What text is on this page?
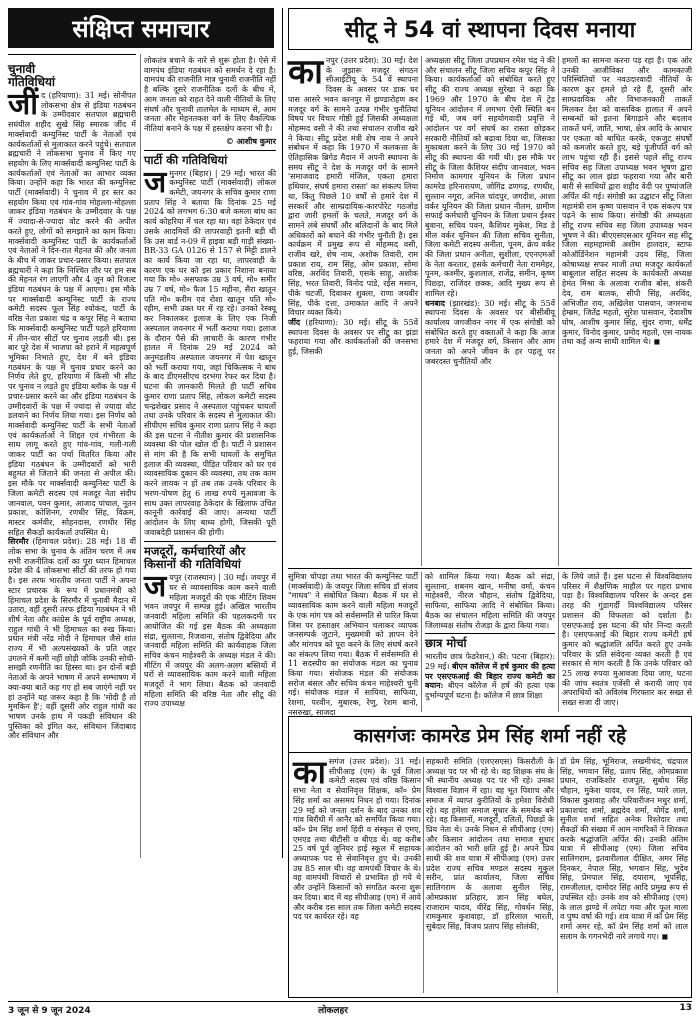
संक्षिप्त समाचार
चुनावी गतिविधियां
जीं द (हरियाणा): 31 मई। सोनीपत लोकसभा क्षेत्र से इंडिया गठबंधन के उम्मीदवार सतपाल ब्रह्मचारी सघंयील शहीद सुखे सिंह स्मारक जींद में मार्क्सवादी कम्युनिस्ट पार्टी के नेताओं एवं कार्यकर्ताओं से मुलाकात करने पहुंचे। सतपाल ब्रह्मचारी ने लोकसभा चुनाव में किए गए सहयोग के लिए मार्क्सवादी कम्युनिस्ट पार्टी के कार्यकर्ताओं एवं नेताओं का आभार व्यक्त किया। उन्होंने कहा कि भारत की कम्युनिस्ट पार्टी (मार्क्सवादी) ने चुनाव में हर स्तर का सहयोग किया एवं गांव-गांव मोहल्ला-मोहल्ला जाकर इंडिया गठबंधन के उम्मीदवार के पक्ष में ज्यादा-से-ज्यादा वोट करने की अपील करते हुए, लोगों को समझाने का काम किया। मार्क्सवादी कम्युनिस्ट पार्टी के कार्यकर्ताओं एवं नेताओं ने दिन-रात मेहनत की और जनता के बीच में जाकर प्रचार-प्रसार किया। सतपाल ब्रह्मचारी ने कहा कि निश्चित तौर पर हम सब की मेहनत रंग लाएगी और 4 जून को रिजल्ट इंडिया गठबंधन के पक्ष में आएगा। इस मौके पर मार्क्सवादी कम्युनिस्ट पार्टी के राज्य कमेटी सदस्य फूल सिंह श्योकंद, पार्टी के वरिष्ठ नेता प्रकाश चंद्र व कपूर सिंह ने बताया कि मार्क्सवादी कम्युनिस्ट पार्टी पहले हरियाणा में तीन-चार सीटों पर चुनाव लड़ती थी। इस बार पूरे देश में भाजपा को हराने में महत्वपूर्ण भूमिका निभाते हुए, देश में बने इंडिया गठबंधन के पक्ष में चुनाव प्रचार करने का निर्णय लेते हुए, हरियाणा में किसी भी सीट पर चुनाव न लड़ते हुए इंडिया ब्लॉक के पक्ष में प्रचार-प्रसार करने का और इंडिया गठबंधन के उम्मीदवारों के पक्ष में ज्यादा से ज्यादा वोट डलवाने का निर्णय लिया गया। इस निर्णय को मार्क्सवादी कम्युनिस्ट पार्टी के सभी नेताओं एवं कार्यकर्ताओं ने शिद्दत एवं गंभीरता के साथ लागू करते हुए गांव-गांव, गली-गली जाकर पार्टी का पर्चा वितरित किया और इंडिया गठबंधन के उम्मीदवारों को भारी बहुमत से जिताने की जनता से अपील की। इस मौके पर मार्क्सवादी कम्युनिस्ट पार्टी के जिला कमेटी सदस्य एवं मजदूर नेता संदीप जानवाल, पवन कुमार, आजाद पांचाल, नूतन प्रकाश, कोशिनग, रणधीर सिंह, विक्रम, मास्टर कर्मवीर, सोहनदास, रणधीर सिंह सहित सैकड़ों कार्यकर्ता उपस्थित थे।
सिरमौर (हिमाचल प्रदेश): 28 मई। 18 वीं लोक सभा के चुनाव के अंतिम चरण में अब सभी राजनीतिक दलों का पूरा ध्यान हिमाचल प्रदेश की 4 लोकसभा सीटों की तरफ हो गया है। इस तरफ भारतीय जनता पार्टी ने अपना स्टार प्रचारक के रूप में प्रधानमंत्री को हिमाचल प्रदेश के सिरमौर में चुनावी मैदान में उतारा, वहीं दूसरी तरफ इंडिया गठबंधन ने भी शीर्ष नेता और कांग्रेस के पूर्व राष्ट्रीय अध्यक्ष, राहुल गांधी ने भी हिमाचल का रुख किया। प्रधान मंत्री नरेंद्र मोदी ने हिमाचल जैसे शांत राज्य में भी अल्पसंख्यकों के प्रति जहर उगलने में कमी नहीं छोड़ी जोकि उनकी सोची-समझी रणनीति का हिस्सा था। इन दोनों बड़ी नेताओं के अपने भाषण में अपने सम्भाषण में क्या-क्या बातें कह गए हो सब जाएंगे नहीं पर हां उन्होंने यह जरूर कहा है कि 'मोदी है तो मुमकिन है'; वहीं दूसरी ओर राहुल गांधी का भाषण उनके हाथ में पकड़ी संविधान की पुस्तिका को इंगित कर, संविधान जिंदाबाद और संविधान और
लोकतंत्र बचाने के नारे से शुरू होता है। ऐसे में वामपंथ इंडिया गठबंधन को समर्थन दे रहा है। वामपंथ की राजनीति मात्र चुनावी राजनीति नहीं है बल्कि दूसरे राजनीतिक दलों के बीच में, आम जनता को राहत देने वाली नीतियों के लिए संघर्ष और चुनावी तालमेल के माध्यम से, आम जनता और मेहनतकश वर्ग के लिए वैकल्पिक नीतियां बनाने के पक्ष में हस्तक्षेप करना भी है।
© आशीष कुमार
पार्टी की गतिविधियां
ज मुनगर (बिहार) | 29 मई। भारत की कम्युनिस्ट पार्टी (मार्क्सवादी) लोकल कमेटी, जयनगर के सचिव कुमार राणा प्रताप सिंह ने बताया कि दिनांक 25 मई 2024 को लगभग 6:30 बजे कमला बांध का कार्य कोहरिया में चल रहा था। वहां ठेकेदार एवं उसके आदमियों की लापरवाही इतनी बड़ी थी कि उस वार्ड न-09 में हाइवा बड़ी गाड़ी संख्या-BR-33 GA 0126 से 157 से मिट्टी डालने का कार्य किया जा रहा था, लापरवाही के कारण एक घर को इस प्रकार निशाना बनाया गया कि मो० असफाक उम्र 3 वर्ष, मो० समीर उम्र 7 वर्ष, मो० फैज 15 महीना, सैरा खातून पति मो० करीम एवं रोशा खातून पति मो० रहीम, सभी उक्त घर में रह रहे। उनको रेस्क्यू कर निकालकर इलाज के लिए एक निजी अस्पताल जयनगर में भर्ती कराया गया। इलाज के दौरान पैसे की लाचारी के कारण गंभीर हालत में दिनांक 29 मई 2024 को अनुमंडलीय अस्पताल जयनगर में पेश खातून को भर्ती कराया गया, जहां चिकित्सक ने बांध के बाद डीएमसीएच दरभंगा रेफर कर दिया है। घटना की जानकारी मिलते ही पार्टी सचिव कुमार राणा प्रताप सिंह, लोकल कमेटी सदस्य चन्द्रशेखर प्रसाद ने अस्पताल पहुंचकर घायलों तथा उनके परिवार के सदस्य से मुलाकात की। सीपीएम सचिव कुमार राणा प्रताप सिंह ने कहा की इस घटना ने नीतीश कुमार की प्रशासनिक व्यवस्था की पोल खोल दी है। पार्टी ने प्रशासन से मांग की है कि सभी घायलों के समुचित इलाज की व्यवस्था, पीड़ित परिवार को घर एवं व्यावसायिक दुकान की व्यवस्था, तथ तक काम करने लायक न हों तब तक उनके परिवार के भरण-पोषण हेतु 6 लाख रुपये मुआवजा के साथ उक्त लापरवाह ठेकेदार के खिलाफ उचित कानूनी कार्रवाई की जाए। अन्यथा पार्टी आंदोलन के लिए बाध्य होगी, जिसकी पूरी जवाबदेही प्रशासन की होगी।
मजदूरों, कर्मचारियों और किसानों की गतिविधियां
ज यपुर (राजस्थान) | 30 मई। जयपुर में घर से व्यावसायिक काम करने वाली महिला मजदूरों की एक मीटिंग शिवम भवन जयपुर में सम्पन्न हुई। अखिल भारतीय जनवादी महिला समिति की पहलकदमी पर आयोजित की गई इस बैठक की अध्यक्षता संद्रा, सुल्ताना, रिजवाना, संतोष द्विवेदिया और जनवादी महिला समिति की कार्यवाहक जिला सचिव कंचन माहेश्वरी के अध्यक्ष मंडल ने की। मीटिंग में जयपुर की अलग-अलग बस्तियों में घरों से व्यावसायिक काम करने वाली महिला मजदूरों ने भाग लिया। बैठक को जनवादी महिला समिति की वरिष्ठ नेता और सीटू की राज्य उपाध्यक्ष
सीटू ने 54 वां स्थापना दिवस मनाया
का नपुर (उत्तर प्रदेश): 30 मई। देश के जुझारू मजदूर संगठन सीआईटीयू के 54 वें स्थापना दिवस के अवसर पर डाक घर पास आसरे भवन कानपुर में झण्डारोहण कर मजदूर वर्ग के सामने उत्पन्न गंभीर चुनौतियां विषय पर विचार गोष्ठी हुई जिसकी अध्यक्षता मोहम्मद वसी ने की तथा संचालन राजीव खरे ने किया। सीटू प्रदेश मंत्री शेष नाथ ने अपने संबोधन में कहा कि 1970 में कलकत्ता के ऐतिहासिक ब्रिगेड मैदान में अपनी स्थापना के समय सीटू ने देश के मजदूर वर्ग के सामने 'समाजवाद हमारी मंजिल, एकता हमारा हथियार, संघर्ष हमारा रास्ता' का संकल्प लिया था, किंतु पिछले 10 वर्षों से हमारे देश में सरकारें और साम्प्रदायिक-कारपोरेट गठजोड़ द्वारा जारी हमलों के चलते, मजदूर वर्ग के सामने लंबे संघर्षों और बलिदानों के बाद मिले अधिकारों को बचाने की गंभीर चुनौती है। इस कार्यक्रम में प्रमुख रूप से मोहम्मद वसी, राजीव खरे, शेष नाथ, अशोक तिवारी, राम प्रकाश राय, राम सिंह, ओम प्रकाश, सोमा वरिष्ठ, अरविंद तिवारी, एसके साहू, अशोक सिंह, भरत तिवारी, विनोद पांडे, रईस मसान, पीके चटर्जी, दिवाकर शुक्ला, राणा जयवीर सिंह, पीके दत्ता, उमाकांत आदि ने अपने विचार व्यक्त किये।
जींद (हरियाणा): 30 मई। सीटू के 55वें स्थापना दिवस के अवसर पर सीटू का झंडा फहराया गया और कार्यकर्ताओं की जनसभा हुई, जिसकी
अध्यक्षता सीटू जिला उपप्रधान रमेश चंद्र ने की और संचालन सीटू जिला सचिव कपूर सिंह ने किया। कार्यकर्ताओं को संबोधित करते हुए सीटू की राज्य अध्यक्ष सुरेखा ने कहा कि 1969 और 1970 के बीच देश में ट्रेड यूनियन आंदोलन में लगभग ऐसी स्थिति बन गई थी, जब वर्ग सहयोगवादी प्रवृत्ति ने आंदोलन पर वर्ग संघर्ष का रास्ता छोड़कर सरकारी नीतियों को बढ़ावा दिया था, जिसका मुकाबला करने के लिए 30 मई 1970 को सीटू की स्थापना की गयी थी। इस मौके पर सीटू के जिला कैशियर संदीप जानवाल, भवन निर्माण कामगार यूनियन के जिला प्रधान कामरेड हरिनारायण, जोगिंद्र ढणगढ़, रणधीर, सुल्तान नगूरा, अनिल चांदपुर, जगदीश, आशा वर्कर यूनियन की जिला प्रधान नीलम, ग्रामीण सफाई कर्मचारी यूनियन के जिला प्रधान ईश्वर बुवाना, सचिव पवन, कैशियर मुकेश, मिड डे मील वर्कर यूनियन की जिला सचिव सुनीता, जिला कमेटी सदस्य अनीता, पूनम, क्रेच वर्कर की जिला प्रधान अनीता, सुशीला, एएनएमओं के नेता करतार, हसके कर्मचारी नेता राममेहर, पूनम, कश्मीर, कुशलाल, राजेंद्र, समीन, कृष्ण पिछ्ड़ा, राजिंदर छक्क, आदि मुख्य रूप से शामिल रहे।
धनबाद (झारखंड): 30 मई। सीटू के 55वें स्थापना दिवस के अवसर पर बीसीबीयू कार्यालय जगजीवन नगर में एक संगोष्ठी को संबोधित करते हुए वक्ताओं ने कहा कि आज हमारे देश में मजदूर वर्ग, किसान और आम जनता को अपने जीवन के हर पहलू पर जबरदस्त चुनौतियों और
हमलों का सामना करना पड़ रहा है। एक ओर उनकी आजीविका और कामकाजी परिस्थितियों पर नवउदारवादी नीतियों के कारण क्रूर हमले हो रहे हैं, दूसरी ओर साम्प्रदायिक और विभाजनकारी ताकतें मिलकर देश को वास्तविक हालात में अपने सम्बन्धों को इतना बिगाड़ाने और बदलाव ताकतें धर्म, जाति, भाषा, क्षेत्र आदि के आधार पर एकता को बाधित करके, एकजुट संघर्षों को कमजोर करते हुए, बड़े पूंजीपति वर्ग को लाभ पहुंचा रही हैं। इससे पहले सीटू राज्य सचिव सह जिला उपाध्यक्ष भवन भूषण द्वारा सीटू का लाल झंडा फहराया गया और बारी बारी से साथियों द्वारा शहीद वेदी पर पुष्पांजलि अर्पित की गई। संगोष्ठी का उद्घाटन सीटू जिला महामंत्री राम कृष्ण पासवान ने एक संकल्प पत्र पढ़ने के साथ किया। संगोष्ठी की अध्यक्षता सीटू राज्य सचिव सह जिला उपाध्यक्ष भवन भूषण ने की। बीएएसएसआर यूनियन सह सीटू जिला सहमहामंत्री अशीम हालदार, स्टाफ कोऑर्डिनेशन महामंत्री उदय सिंह, जिला कोषाध्यक्ष सफर माजी तथा मजदूर कार्यकर्ता बाबूलाल सहित सदस्य के कार्यकारी अध्यक्ष हेमंत मिश्रा के अलावा राजीव बोस, शंकरी देव, राम बालक, सीपी सिंह, अरविंद, अभिजीत राय, अखिलेश पासवान, जगरनाथ हेम्ब्रम, जितेंद्र महतो, सुरेश पासवान, देवाशीष घोष, आशीष कुमार सिंह, सुंदर राणा, धर्मेंद्र कुमार, विनोद कुमार, प्रमोद महतो, एस नायक तथा कई अन्य साथी शामिल थे। ◼
सुमित्रा चोपड़ा तथा भारत की कम्युनिस्ट पार्टी (मार्क्सवादी) के जयपुर जिला सचिव डॉ संजय "माधव" ने संबोधित किया। बैठक में घर से व्यावसायिक काम करने वाली महिला मजदूरों के एक मांग पत्र को सर्वसम्मति से पारित किया जिस पर हस्ताक्षर अभियान चलाकर व्यापक जनसम्पर्क जुटाने, मुख्यमंत्री को ज्ञापन देने और मांगपत्र को पूरा करने के लिए संघर्ष करने का संकल्प लिया गया। बैठक में सर्वसम्मति से 11 सदस्यीय का संयोजक मंडल का चुनाव किया गया। संयोजक मंडल की संयोजक सरोज बंसल और सचिव कंचन माहेश्वरी चुनी गई। संयोजक मंडल में सायिया, साफिया, रेशमा, परवीन, मुबारक, रेणु, रेशम बानो, नसरुखा, साजदा
को शामिल किया गया। बैठक को संद्रा, सुल्ताना, शबनम खान, मनीषा वर्मा, कंचन माहेश्वरी, नीरज चौहान, संतोष द्विवेदिया, साफिया, साफिया आदि ने संबोधित किया। बैठक का संचालन महिला समिति की जयपुर जिलाध्यक्ष संतोष रोजड़ा के द्वारा किया गया।
छात्र मोर्चा
भारतीय छात्र फेडरेशन,) की: पटना (बिहार): 29 मई। बीएन कॉलेज में हर्ष कुमार की हत्या पर एसएफआई की बिहार राज्य कमेटी का बयान: बीएन कॉलेज में हर्ष की हत्या एक दुर्भाग्यपूर्ण घटना है। कॉलेज में छात्र शिक्षा
के लिये जाते हैं। इस घटना से विश्वविद्यालय परिसर में शैक्षणिक माहौल पर गहरा प्रभाव पड़ा है। विश्वविद्यालय परिसर के अन्दर इस तरह की गुंडागर्दी विश्वविद्यालय परिसर प्रशासन की विफलता को दर्शाता है। एसएफआई इस घटना की घोर निन्दा करती है। एसएफआई की बिहार राज्य कमेटी हर्ष कुमार को श्रद्धांजलि अर्पित करते हुए उनके परिवार के प्रति संवेदना व्यक्त करती है एवं सरकार से मांग करती है कि उनके परिवार को 25 लाख रुपया मुआवजा दिया जाए, घटना की जांच स्वतंत्र एजेंसी से करायी जाए एवं अपराधियों को अविलंब गिरफ्तार कर सख्त से सख्त सजा दी जाए।
कासगंजः कामरेड प्रेम सिंह शर्मा नहीं रहे
का सगंज (उत्तर प्रदेश): 31 मई। सीपीआइ (एम) के पूर्व जिला कमेटी सदस्य एवं वरिष्ठ किसान सभा नेता व सेवानिवृत्त शिक्षक, कॉ० प्रेम सिंह शर्मा का असमय निधन हो गया। दिनांक 29 मई को जनता दर्शन के बाद उनका शव गांव बिरौंधी में आनैर को समर्पित किया गया। कॉ० प्रेम सिंह शर्मा हिंदी व संस्कृत से एमए, एमएड तथा बीटीसी व बीएड थे। वह करीब 25 वर्ष पूर्व जूनियर हाई स्कूल में सहायक अध्यापक पद से सेवानिवृत्त हुए थे। उनकी उम्र 85 साल थी। वह वामपंथी विचार के थे। वह वामपंथी विचारों से प्रभावित हो गये थे और उन्होंने किसानों को संगठित करना शुरू कर दिया। बाद में वह सीपीआइ (एम) में आये और करीब दस साल तक जिला कमेटी सदस्य पद पर कार्यरत रहे। वह
सहकारी समिति (एलएसएस) किसरौली के अध्यक्ष पद पर भी रहे थे। वह शिक्षक संघ के भी स्थानीय अध्यक्ष पद पर भी रहे। उनका विश्वास विज्ञान में रहा। वह भूत पिशाच और समाज में व्याप्त कुरीतियों के हमेशा विरोधी रहे। वह हमेशा समाज सुधार के समर्थक बने रहे। वह किसानों, मजदूरों, दलितों, पिछड़ों के प्रिय नेता थे। उनके निधन से सीपीआइ (एम) और किसान आंदोलन तथा समाज सुधार आंदोलन को भारी क्षति हुई है। अपने प्रिय साथी की शव यात्रा में सीपीआइ (एम) उत्तर प्रदेश राज्य सचिव मण्डल सदस्य मुकुल सरीन, प्रांत कार्यालय, जिला सचिव सालिगराम के अलावा सुनील सिंह, ओमप्रकाश प्रतिहार, ज्ञान सिंह बघेल, राजाराम यादव, वीरेंद्र सिंह, गोवर्धन सिंह, रामकुमार कुशवाहा, डॉ हरिलाल भारती, सुबेदार सिंह, विजय प्रताप सिंह सोलंकी,
डॉ प्रेम सिंह, भूमिराज, लखमीचंद, चंद्रपाल सिंह, भगवान सिंह, प्रताप सिंह, ओमप्रकाश प्रधान, राजकिशोर राजपूत, सुबोध सिंह चौहान, मुकेश यादव, रन सिंह, प्यारे लाल, विकास कुशवाह और परिवारीजन मधुर शर्मा, प्रकाशचंद शर्मा, ब्रह्मदेव शर्मा, योगेंद्र शर्मा, सुनील शर्मा सहित अनेक रिश्तेदार तथा सैकड़ों की संख्या में आम नागरिकों ने शिरकत करके श्रद्धांजलि अर्पित की। उनकी अंतिम यात्रा में सीपीआइ (एम) जिला सचिव सालिगराम, इतवारीलाल दीक्षित, अमर सिंह दिनकर, नेपाल सिंह, भगवान सिंह, भूदेव सिंह, प्रेमपाल सिंह, दयाराम, भूपसिंह, रामजीलाल, दामोदर सिंह आदि प्रमुख रूप से उपस्थित रहे। उनके शव को सीपीआइ (एम) के लाल झण्डे में लपेटा गया और फूल माला व पुष्प वर्षा की गई। शव यात्रा में कॉ प्रेम सिंह शर्मा अमर रहे, कॉ प्रेम सिंह शर्मा को लाल सलाम के गगनभेदी नारे लगाये गए। ◼
3 जून से 9 जून 2024	लोकलहर	13
